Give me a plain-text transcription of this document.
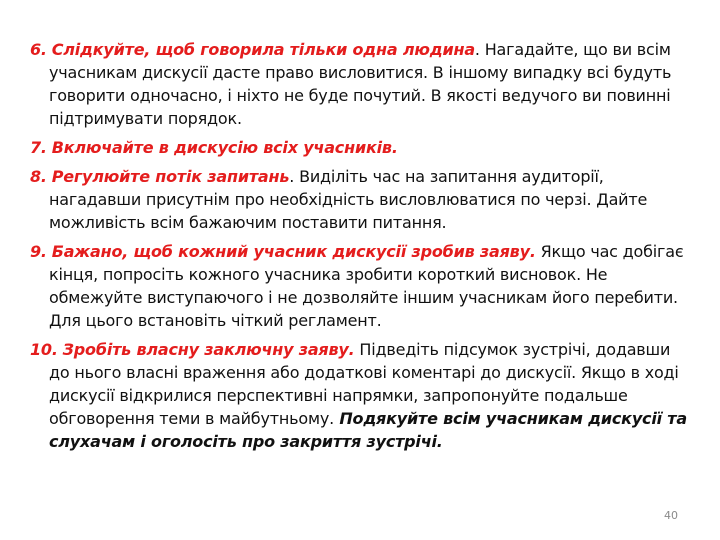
6. Слідкуйте, щоб говорила тільки одна людина. Нагадайте, що ви всім учасникам дискусії дасте право висловитися. В іншому випадку всі будуть говорити одночасно, і ніхто не буде почутий. В якості ведучого ви повинні підтримувати порядок.

7. Включайте в дискусію всіх учасників.

8. Регулюйте потік запитань. Виділіть час на запитання аудиторії, нагадавши присутнім про необхідність висловлюватися по черзі. Дайте можливість всім бажаючим поставити питання.

9. Бажано, щоб кожний учасник дискусії зробив заяву. Якщо час добігає кінця, попросіть кожного учасника зробити короткий висновок. Не обмежуйте виступаючого і не дозволяйте іншим учасникам його перебити. Для цього встановіть чіткий регламент.

10. Зробіть власну заключну заяву. Підведіть підсумок зустрічі, додавши до нього власні враження або додаткові коментарі до дискусії. Якщо в ході дискусії відкрилися перспективні напрямки, запропонуйте подальше обговорення теми в майбутньому. Подякуйте всім учасникам дискусії та слухачам і оголосіть про закриття зустрічі.

40
